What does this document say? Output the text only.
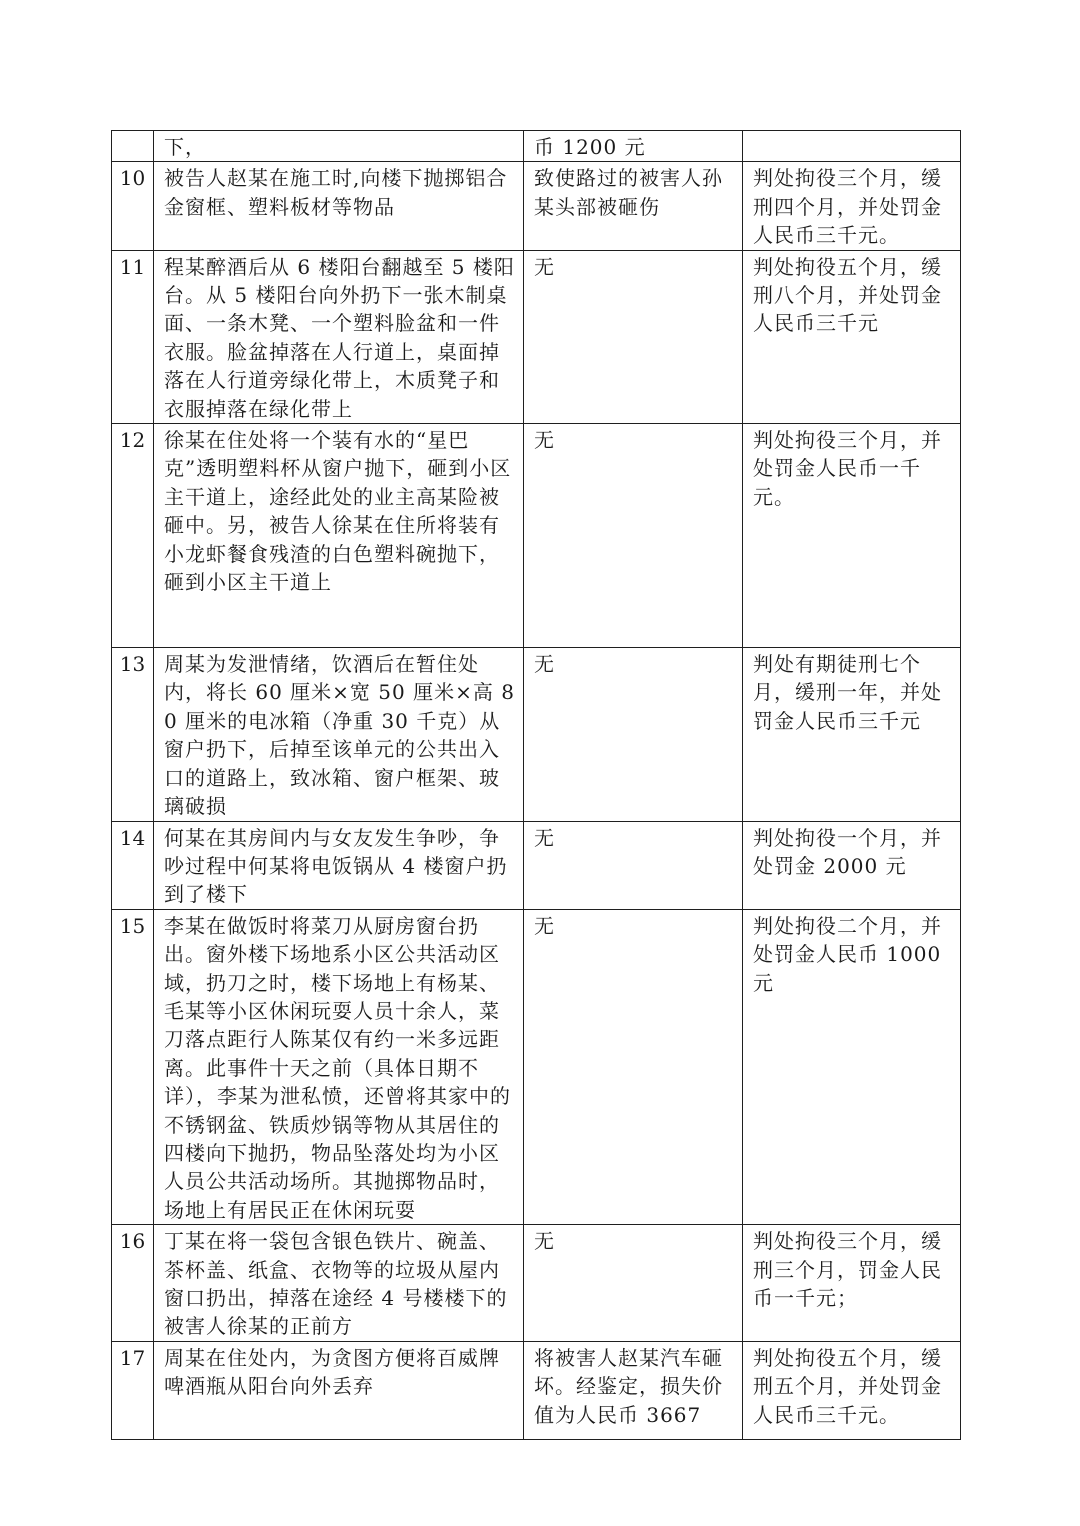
	下，	币 1200 元	
10	被告人赵某在施工时,向楼下抛掷铝合金窗框、塑料板材等物品	致使路过的被害人孙某头部被砸伤	判处拘役三个月，缓刑四个月，并处罚金人民币三千元。
11	程某醉酒后从 6 楼阳台翻越至 5 楼阳台。从 5 楼阳台向外扔下一张木制桌面、一条木凳、一个塑料脸盆和一件衣服。脸盆掉落在人行道上，桌面掉落在人行道旁绿化带上，木质凳子和衣服掉落在绿化带上	无	判处拘役五个月，缓刑八个月，并处罚金人民币三千元
12	徐某在住处将一个装有水的“星巴克”透明塑料杯从窗户抛下，砸到小区主干道上，途经此处的业主高某险被砸中。另，被告人徐某在住所将装有小龙虾餐食残渣的白色塑料碗抛下，砸到小区主干道上	无	判处拘役三个月，并处罚金人民币一千元。
13	周某为发泄情绪，饮酒后在暂住处内，将长 60 厘米×宽 50 厘米×高 80 厘米的电冰箱（净重 30 千克）从窗户扔下，后掉至该单元的公共出入口的道路上，致冰箱、窗户框架、玻璃破损	无	判处有期徒刑七个月，缓刑一年，并处罚金人民币三千元
14	何某在其房间内与女友发生争吵，争吵过程中何某将电饭锅从 4 楼窗户扔到了楼下	无	判处拘役一个月，并处罚金 2000 元
15	李某在做饭时将菜刀从厨房窗台扔出。窗外楼下场地系小区公共活动区域，扔刀之时，楼下场地上有杨某、毛某等小区休闲玩耍人员十余人，菜刀落点距行人陈某仅有约一米多远距离。此事件十天之前（具体日期不详），李某为泄私愤，还曾将其家中的不锈钢盆、铁质炒锅等物从其居住的四楼向下抛扔，物品坠落处均为小区人员公共活动场所。其抛掷物品时，场地上有居民正在休闲玩耍	无	判处拘役二个月，并处罚金人民币 1000 元
16	丁某在将一袋包含银色铁片、碗盖、茶杯盖、纸盒、衣物等的垃圾从屋内窗口扔出，掉落在途经 4 号楼楼下的被害人徐某的正前方	无	判处拘役三个月，缓刑三个月，罚金人民币一千元；
17	周某在住处内，为贪图方便将百威牌啤酒瓶从阳台向外丢弃	将被害人赵某汽车砸坏。经鉴定，损失价值为人民币 3667	判处拘役五个月，缓刑五个月，并处罚金人民币三千元。
